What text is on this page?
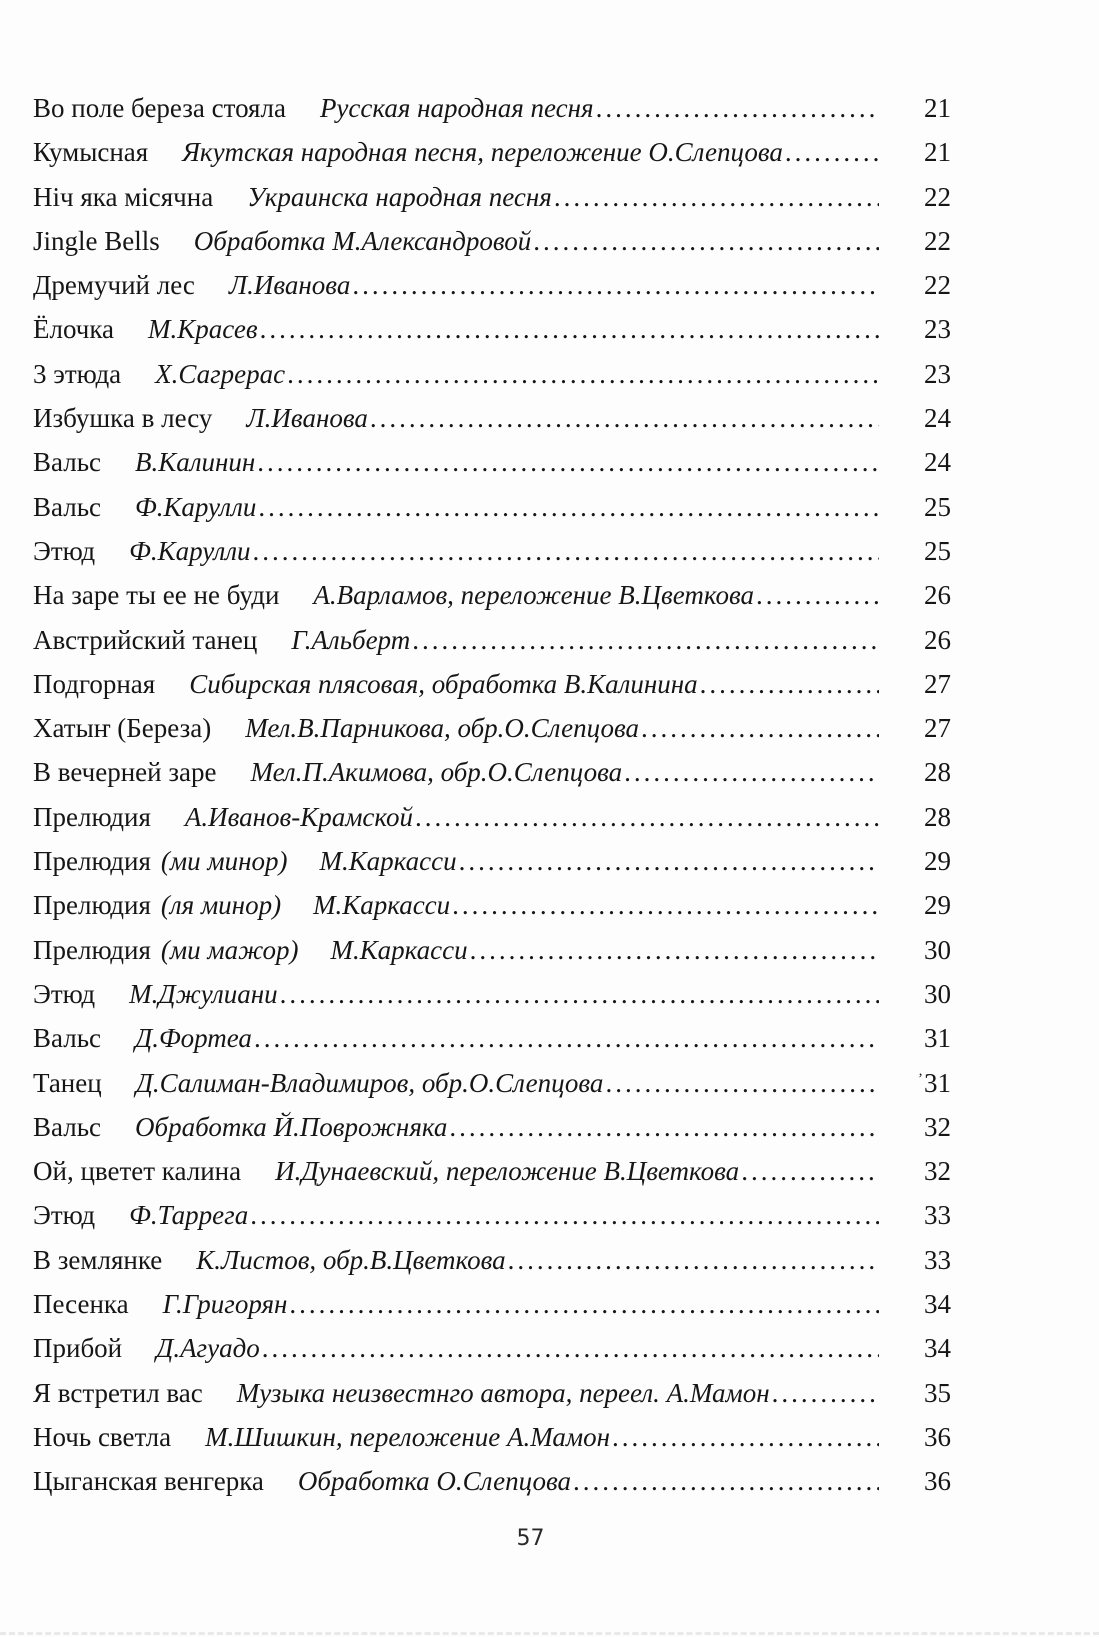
Во поле береза стояла Русская народная песня .....	21
Кумысная Якутская народная песня, переложение О.Слепцова .....	21
Ніч яка місячна Украинска народная песня .....	22
Jingle Bells Обработка М.Александровой .....	22
Дремучий лес Л.Иванова .....	22
Ёлочка М.Красев .....	23
3 этюда Х.Сагрерас .....	23
Избушка в лесу Л.Иванова .....	24
Вальс В.Калинин .....	24
Вальс Ф.Карулли .....	25
Этюд Ф.Карулли .....	25
На заре ты ее не буди А.Варламов, переложение В.Цветкова .....	26
Австрийский танец Г.Альберт .....	26
Подгорная Сибирская плясовая, обработка В.Калинина .....	27
Хатыҥ (Береза) Мел.В.Парникова, обр.О.Слепцова .....	27
В вечерней заре Мел.П.Акимова, обр.О.Слепцова .....	28
Прелюдия А.Иванов-Крамской .....	28
Прелюдия (ми минор) М.Каркасси .....	29
Прелюдия (ля минор) М.Каркасси .....	29
Прелюдия (ми мажор) М.Каркасси .....	30
Этюд М.Джулиани .....	30
Вальс Д.Фортеа .....	31
Танец Д.Салиман-Владимиров, обр.О.Слепцова .....	’31
Вальс Обработка Й.Поврожняка .....	32
Ой, цветет калина И.Дунаевский, переложение В.Цветкова .....	32
Этюд Ф.Таррега .....	33
В землянке К.Листов, обр.В.Цветкова .....	33
Песенка Г.Григорян .....	34
Прибой Д.Агуадо .....	34
Я встретил вас Музыка неизвестнго автора, переел. А.Мамон .....	35
Ночь светла М.Шишкин, переложение А.Мамон .....	36
Цыганская венгерка Обработка О.Слепцова .....	36
57
